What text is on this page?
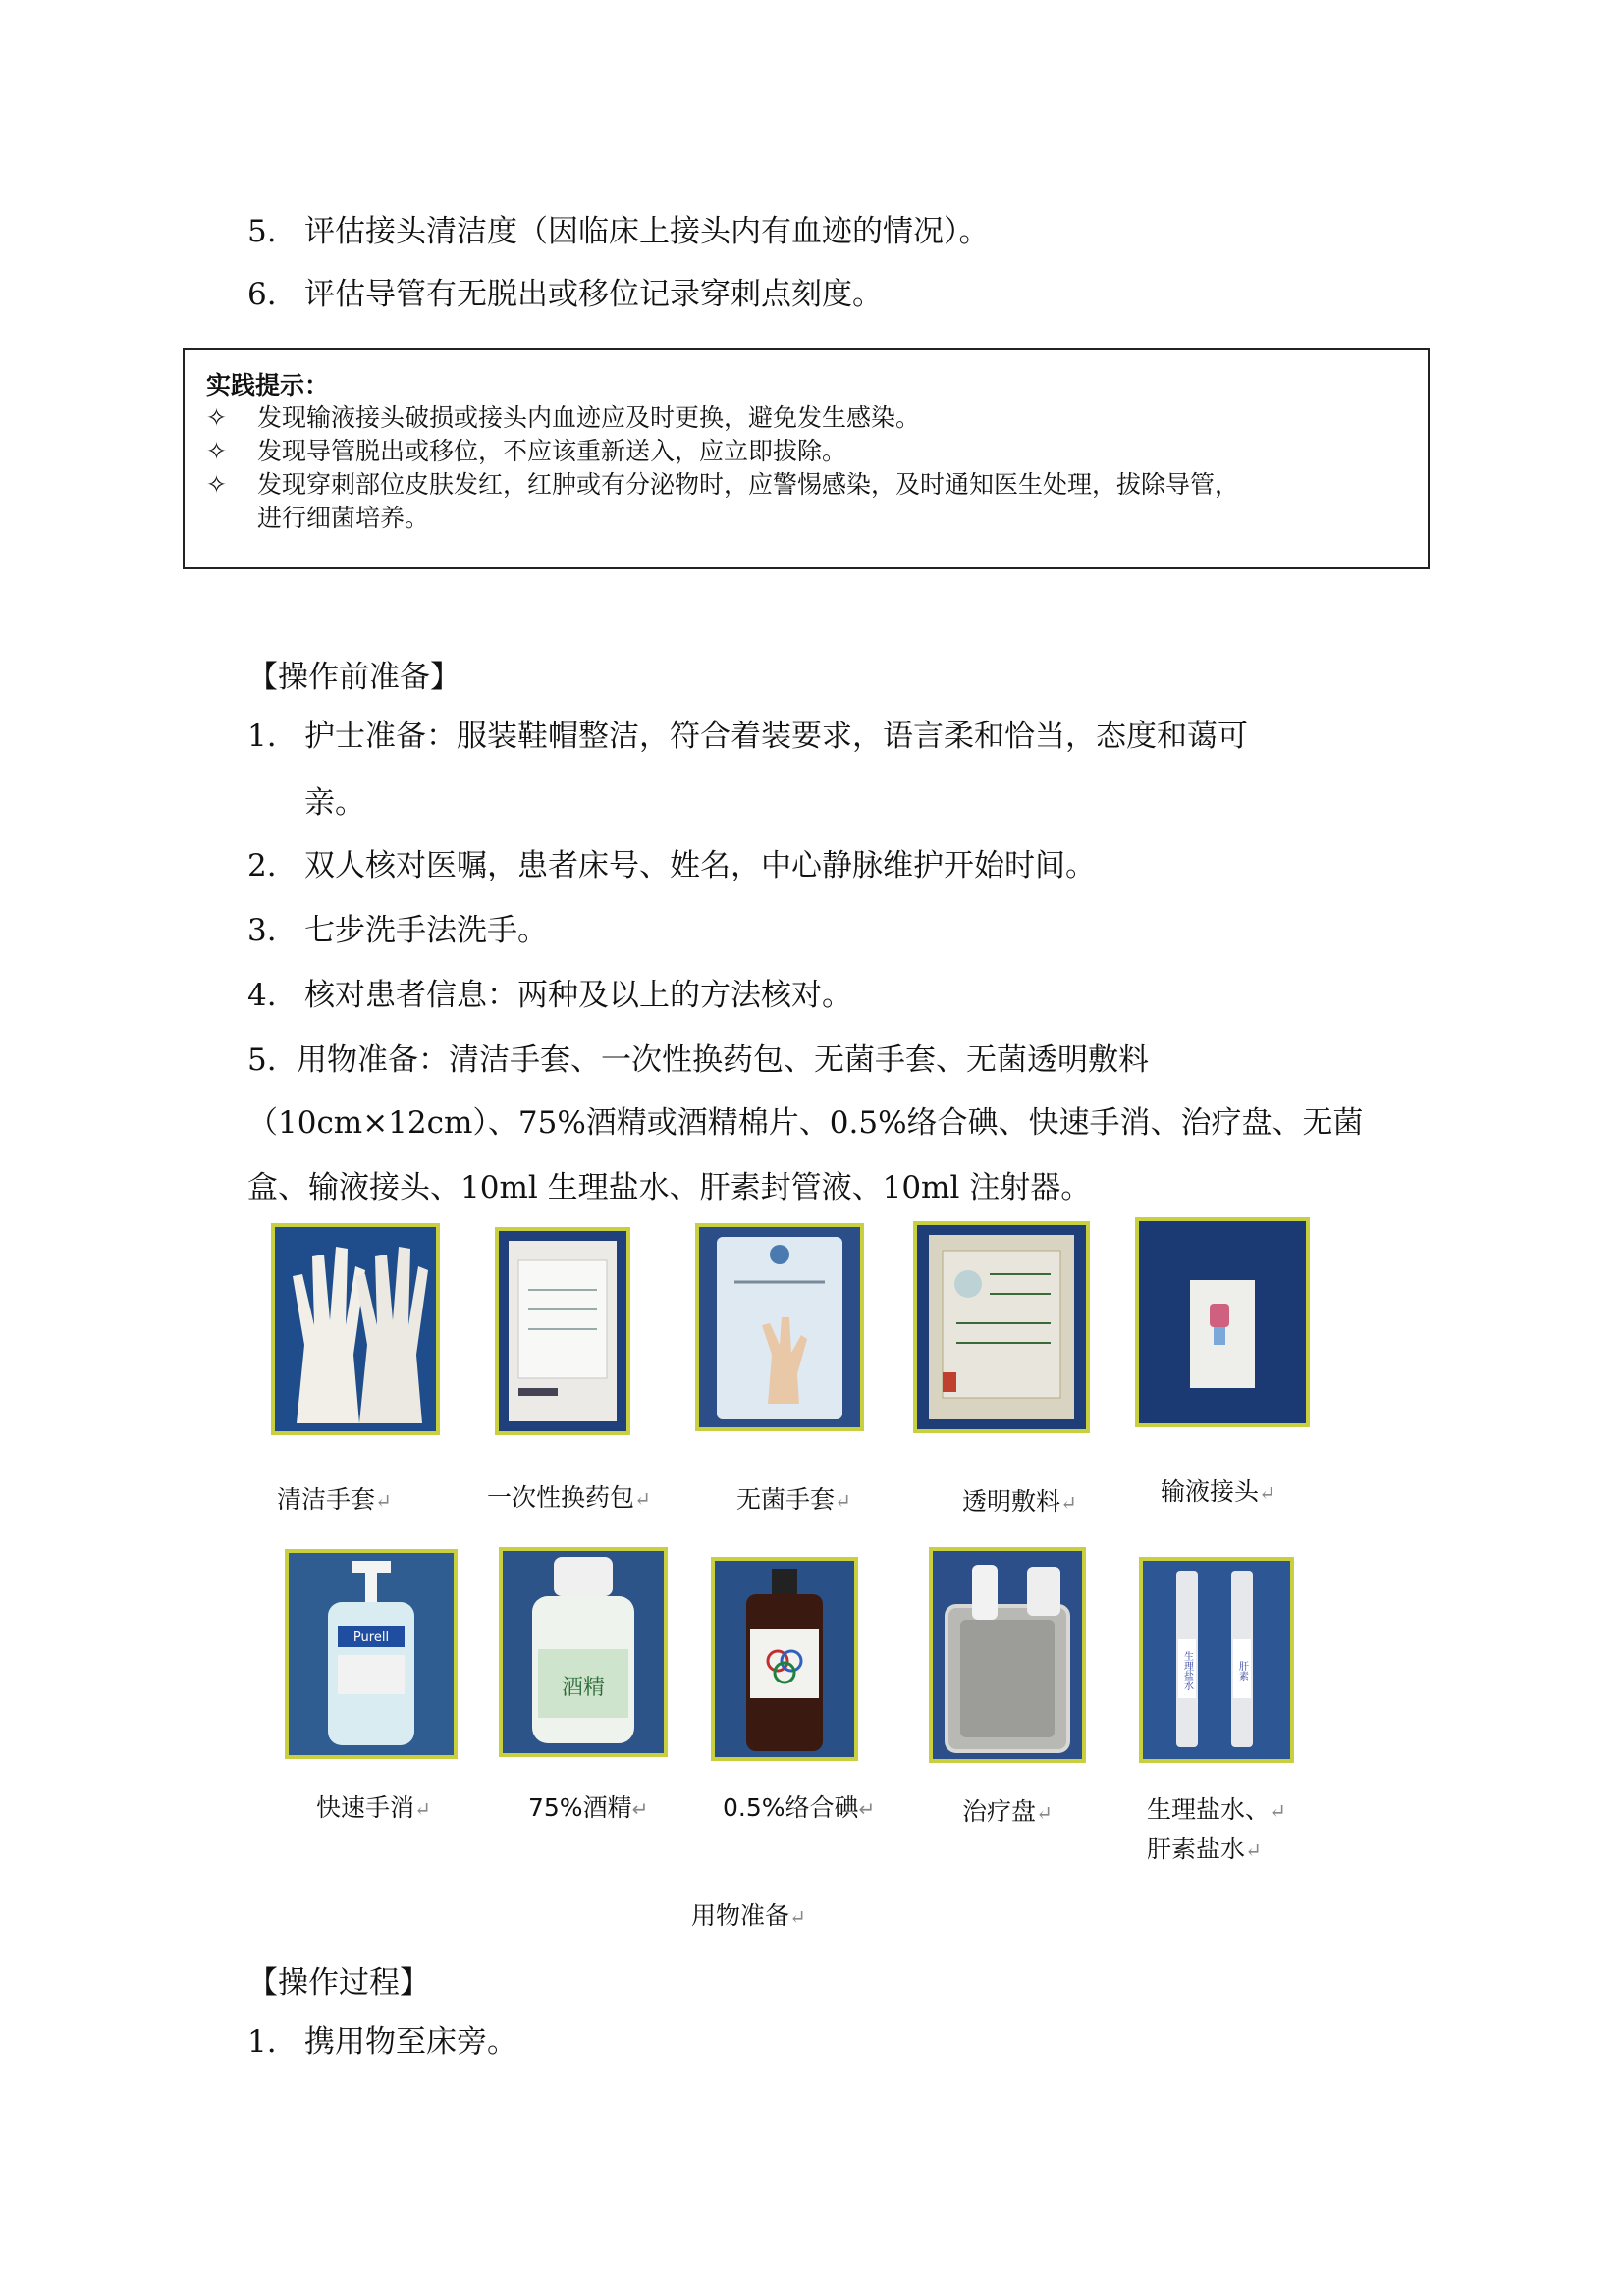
5. 评估接头清洁度（因临床上接头内有血迹的情况）。
6. 评估导管有无脱出或移位记录穿刺点刻度。
实践提示：
✧ 发现输液接头破损或接头内血迹应及时更换，避免发生感染。
✧ 发现导管脱出或移位，不应该重新送入，应立即拔除。
✧ 发现穿刺部位皮肤发红，红肿或有分泌物时，应警惕感染，及时通知医生处理，拔除导管，
进行细菌培养。
【操作前准备】
1. 护士准备：服装鞋帽整洁，符合着装要求，语言柔和恰当，态度和蔼可
亲。
2. 双人核对医嘱，患者床号、姓名，中心静脉维护开始时间。
3. 七步洗手法洗手。
4. 核对患者信息：两种及以上的方法核对。
5. 用物准备：清洁手套、一次性换药包、无菌手套、无菌透明敷料
（10cm×12cm）、75%酒精或酒精棉片、0.5%络合碘、快速手消、治疗盘、无菌
盒、输液接头、10ml 生理盐水、肝素封管液、10ml 注射器。
清洁手套↵	一次性换药包↵	无菌手套↵	透明敷料↵	输液接头↵
Purell
酒精	生理盐水	肝素
快速手消↵	75%酒精↵	0.5%络合碘↵	治疗盘↵	生理盐水、↵
肝素盐水↵
用物准备↵
【操作过程】
1. 携用物至床旁。
